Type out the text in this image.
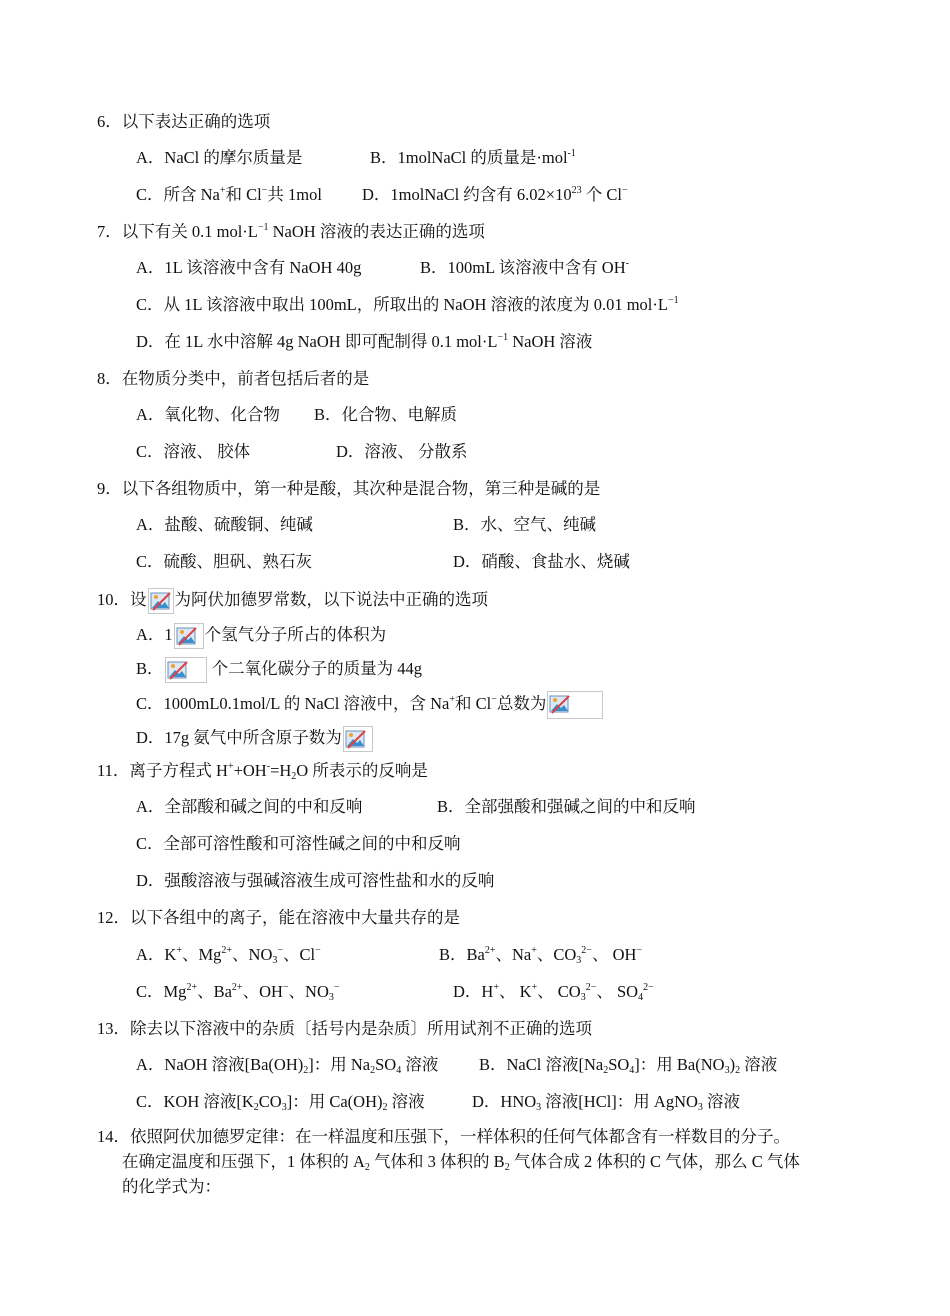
6．以下表达正确的选项
A．NaCl 的摩尔质量是	B．1molNaCl 的质量是·mol$^{-1}$
C．所含 Na+和 Cl−共 1mol D．1molNaCl 约含有 $6.02\times 10^{23}$ 个 Cl−
7．以下有关 0.1 $mol\cdot L^{-1}$ NaOH 溶液的表达正确的选项
A．1L 该溶液中含有 NaOH 40g	B．100mL 该溶液中含有 OH-
C．从 1L 该溶液中取出 100mL，所取出的 NaOH 溶液的浓度为 0.01 $mol\cdot L^{-1}$
D．在 1L 水中溶解 4g NaOH 即可配制得 0.1 $mol\cdot L^{-1}$ NaOH 溶液
8．在物质分类中，前者包括后者的是
A．氧化物、化合物 B．化合物、电解质
C．溶液、 胶体	D．溶液、 分散系
9．以下各组物质中，第一种是酸，其次种是混合物，第三种是碱的是
A．盐酸、硫酸铜、纯碱	B．水、空气、纯碱
C．硫酸、胆矾、熟石灰	D．硝酸、食盐水、烧碱
10．设 为阿伏加德罗常数，以下说法中正确的选项
A．1 个氢气分子所占的体积为
B．	个二氧化碳分子的质量为 44g
C．1000mL0.1mol/L 的 NaCl 溶液中，含 Na+和 Cl−总数为
D．17g 氨气中所含原子数为
11．离子方程式 $H^++OH^-=H_2O$ 所表示的反响是
A．全部酸和碱之间的中和反响	B．全部强酸和强碱之间的中和反响
C．全部可溶性酸和可溶性碱之间的中和反响
D．强酸溶液与强碱溶液生成可溶性盐和水的反响
12．以下各组中的离子，能在溶液中大量共存的是
A．K+、$Mg^{2+}$、$NO_3^-$、Cl−	B．$Ba^{2+}$、Na+、$CO_3^{2-}$、 OH−
C．$Mg^{2+}$、$Ba^{2+}$、OH−、$NO_3^-$	D．H+、 K+、 $CO_3^{2-}$、 $SO_4^{2-}$
13．除去以下溶液中的杂质〔括号内是杂质〕所用试剂不正确的选项
A．NaOH 溶液$[Ba(OH)_2]$：用 $Na_2SO_4$ 溶液 B．NaCl 溶液$[Na_2SO_4]$：用 $Ba(NO_3)_2$ 溶液
C．KOH 溶液$[K_2CO_3]$：用 $Ca(OH)_2$ 溶液	D．$HNO_3$ 溶液[HCl]：用 AgNO$_3$ 溶液
14．依照阿伏加德罗定律：在一样温度和压强下，一样体积的任何气体都含有一样数目的分子。
在确定温度和压强下，1 体积的 $A_2$ 气体和 3 体积的 $B_2$ 气体合成 2 体积的 C 气体，那么 C 气体
的化学式为：
